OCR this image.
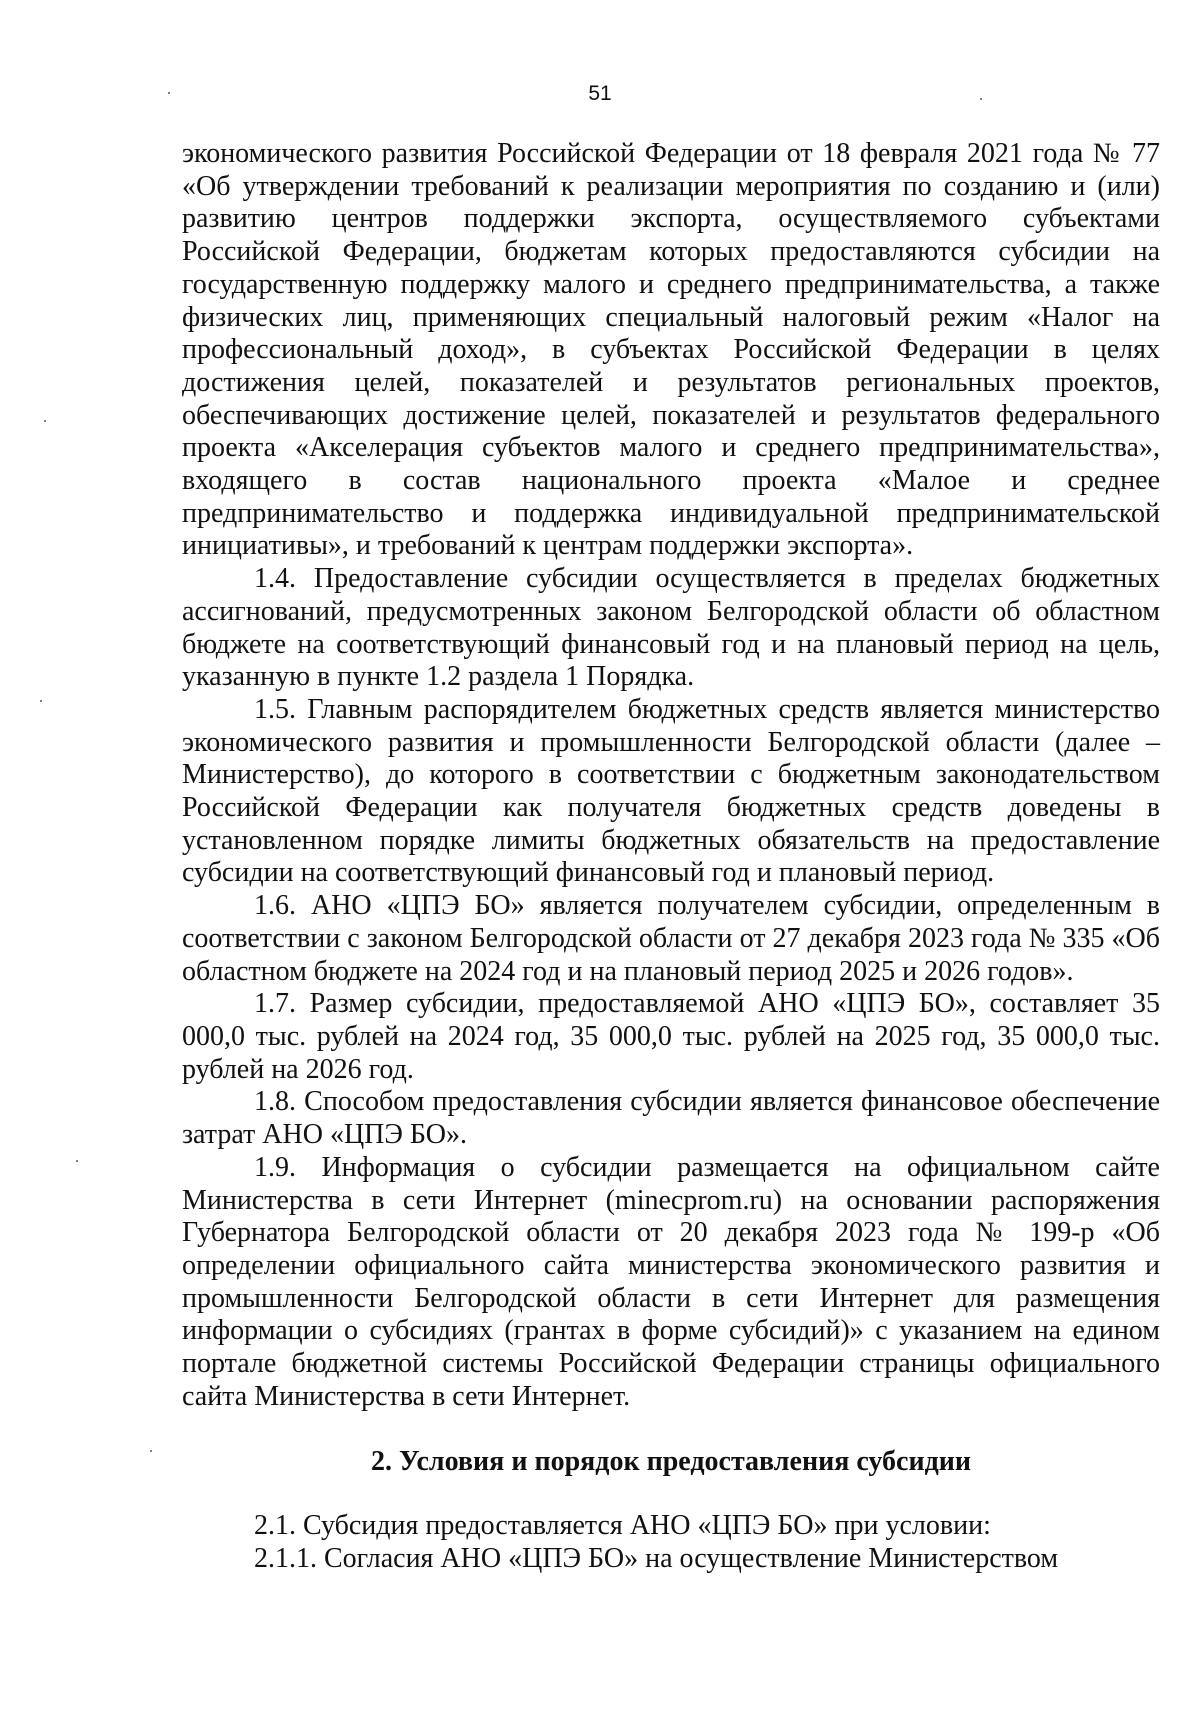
51

экономического развития Российской Федерации от 18 февраля 2021 года № 77 «Об утверждении требований к реализации мероприятия по созданию и (или) развитию центров поддержки экспорта, осуществляемого субъектами Российской Федерации, бюджетам которых предоставляются субсидии на государственную поддержку малого и среднего предпринимательства, а также физических лиц, применяющих специальный налоговый режим «Налог на профессиональный доход», в субъектах Российской Федерации в целях достижения целей, показателей и результатов региональных проектов, обеспечивающих достижение целей, показателей и результатов федерального проекта «Акселерация субъектов малого и среднего предпринимательства», входящего в состав национального проекта «Малое и среднее предпринимательство и поддержка индивидуальной предпринимательской инициативы», и требований к центрам поддержки экспорта».

1.4. Предоставление субсидии осуществляется в пределах бюджетных ассигнований, предусмотренных законом Белгородской области об областном бюджете на соответствующий финансовый год и на плановый период на цель, указанную в пункте 1.2 раздела 1 Порядка.

1.5. Главным распорядителем бюджетных средств является министерство экономического развития и промышленности Белгородской области (далее – Министерство), до которого в соответствии с бюджетным законодательством Российской Федерации как получателя бюджетных средств доведены в установленном порядке лимиты бюджетных обязательств на предоставление субсидии на соответствующий финансовый год и плановый период.

1.6. АНО «ЦПЭ БО» является получателем субсидии, определенным в соответствии с законом Белгородской области от 27 декабря 2023 года № 335 «Об областном бюджете на 2024 год и на плановый период 2025 и 2026 годов».

1.7. Размер субсидии, предоставляемой АНО «ЦПЭ БО», составляет 35 000,0 тыс. рублей на 2024 год, 35 000,0 тыс. рублей на 2025 год, 35 000,0 тыс. рублей на 2026 год.

1.8. Способом предоставления субсидии является финансовое обеспечение затрат АНО «ЦПЭ БО».

1.9. Информация о субсидии размещается на официальном сайте Министерства в сети Интернет (minecprom.ru) на основании распоряжения Губернатора Белгородской области от 20 декабря 2023 года № 199-р «Об определении официального сайта министерства экономического развития и промышленности Белгородской области в сети Интернет для размещения информации о субсидиях (грантах в форме субсидий)» с указанием на едином портале бюджетной системы Российской Федерации страницы официального сайта Министерства в сети Интернет.

2. Условия и порядок предоставления субсидии

2.1. Субсидия предоставляется АНО «ЦПЭ БО» при условии:

2.1.1. Согласия АНО «ЦПЭ БО» на осуществление Министерством
